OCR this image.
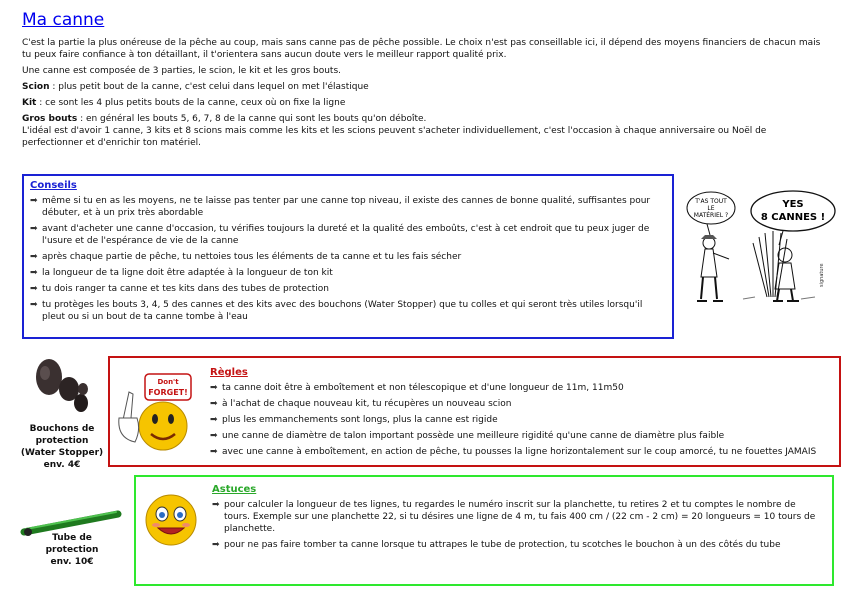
Ma canne

C'est la partie la plus onéreuse de la pêche au coup, mais sans canne pas de pêche possible. Le choix n'est pas conseillable ici, il dépend des moyens financiers de chacun mais tu peux faire confiance à ton détaillant, il t'orientera sans aucun doute vers le meilleur rapport qualité prix.

Une canne est composée de 3 parties, le scion, le kit et les gros bouts.

Scion : plus petit bout de la canne, c'est celui dans lequel on met l'élastique

Kit : ce sont les 4 plus petits bouts de la canne, ceux où on fixe la ligne

Gros bouts : en général les bouts 5, 6, 7, 8 de la canne qui sont les bouts qu'on déboîte.

L'idéal est d'avoir 1 canne, 3 kits et 8 scions mais comme les kits et les scions peuvent s'acheter individuellement, c'est l'occasion à chaque anniversaire ou Noël de perfectionner et d'enrichir ton matériel.

Conseils
➡ même si tu en as les moyens, ne te laisse pas tenter par une canne top niveau, il existe des cannes de bonne qualité, suffisantes pour débuter, et à un prix très abordable
➡ avant d'acheter une canne d'occasion, tu vérifies toujours la dureté et la qualité des emboûts, c'est à cet endroit que tu peux juger de l'usure et de l'espérance de vie de la canne
➡ après chaque partie de pêche, tu nettoies tous les éléments de ta canne et tu les fais sécher
➡ la longueur de ta ligne doit être adaptée à la longueur de ton kit
➡ tu dois ranger ta canne et tes kits dans des tubes de protection
➡ tu protèges les bouts 3, 4, 5 des cannes et des kits avec des bouchons (Water Stopper) que tu colles et qui seront très utiles lorsqu'il pleut ou si un bout de ta canne tombe à l'eau
T'AS TOUT
LE
MATÉRIEL ?
YES
8 CANNES !
signature
Bouchons de
protection
(Water Stopper)
env. 4€
Règles
➡ ta canne doit être à emboîtement et non télescopique et d'une longueur de 11m, 11m50
➡ à l'achat de chaque nouveau kit, tu récupères un nouveau scion
➡ plus les emmanchements sont longs, plus la canne est rigide
➡ une canne de diamètre de talon important possède une meilleure rigidité qu'une canne de diamètre plus faible
➡ avec une canne à emboîtement, en action de pêche, tu pousses la ligne horizontalement sur le coup amorcé, tu ne fouettes JAMAIS
Don't
FORGET!
Tube de
protection
env. 10€
Astuces
➡ pour calculer la longueur de tes lignes, tu regardes le numéro inscrit sur la planchette, tu retires 2 et tu comptes le nombre de tours. Exemple sur une planchette 22, si tu désires une ligne de 4 m, tu fais 400 cm / (22 cm - 2 cm) = 20 longueurs = 10 tours de planchette.
➡ pour ne pas faire tomber ta canne lorsque tu attrapes le tube de protection, tu scotches le bouchon à un des côtés du tube
